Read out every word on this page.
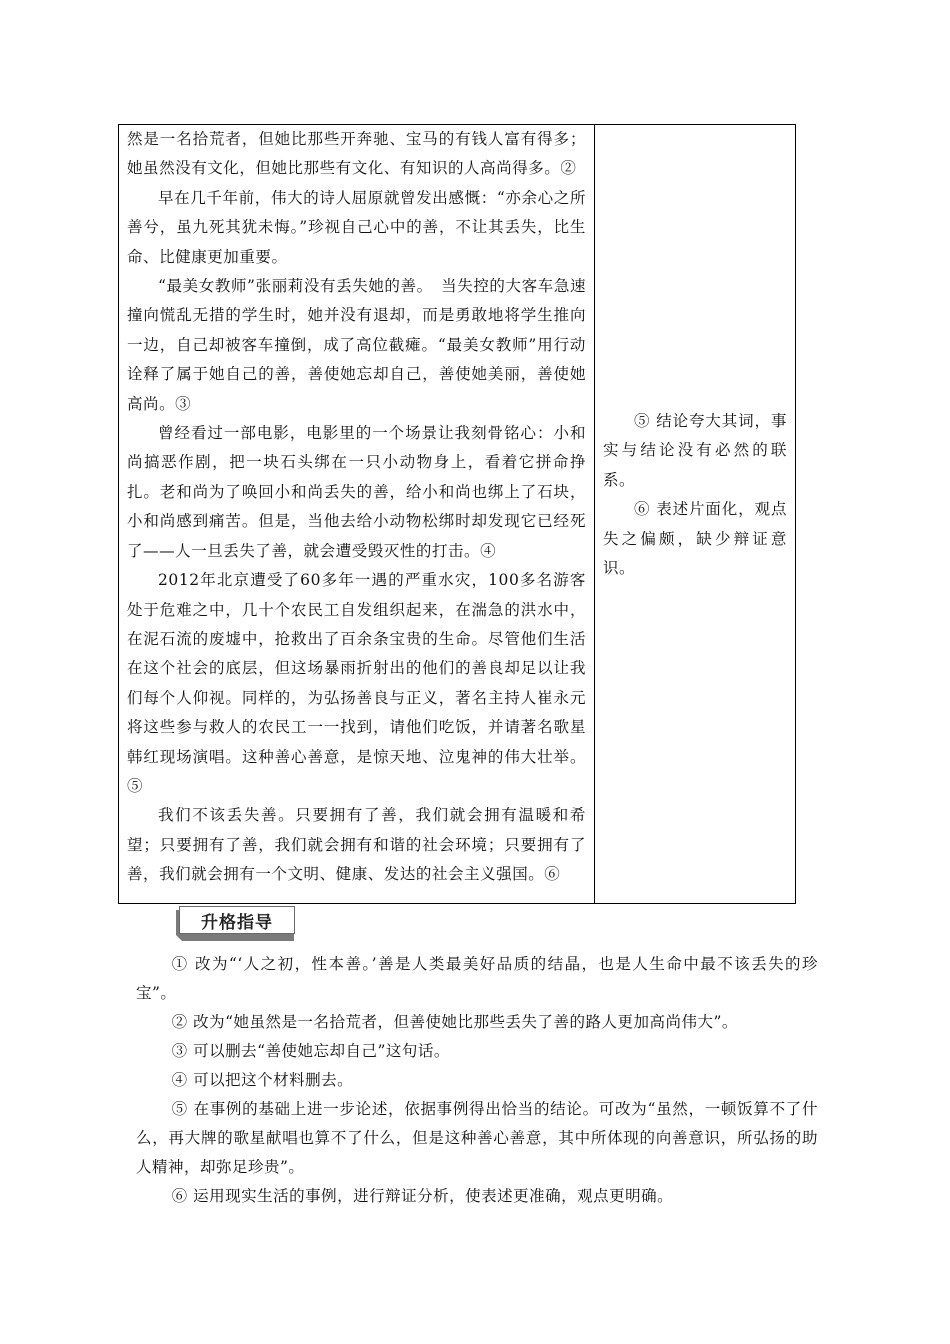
然是一名拾荒者，但她比那些开奔驰、宝马的有钱人富有得多；她虽然没有文化，但她比那些有文化、有知识的人高尚得多。②

早在几千年前，伟大的诗人屈原就曾发出感慨：“亦余心之所善兮，虽九死其犹未悔。”珍视自己心中的善，不让其丢失，比生命、比健康更加重要。

“最美女教师”张丽莉没有丢失她的善。　当失控的大客车急速撞向慌乱无措的学生时，她并没有退却，而是勇敢地将学生推向一边，自己却被客车撞倒，成了高位截瘫。“最美女教师”用行动诠释了属于她自己的善，善使她忘却自己，善使她美丽，善使她高尚。③

曾经看过一部电影，电影里的一个场景让我刻骨铭心：小和尚搞恶作剧，把一块石头绑在一只小动物身上，看着它拼命挣扎。老和尚为了唤回小和尚丢失的善，给小和尚也绑上了石块，小和尚感到痛苦。但是，当他去给小动物松绑时却发现它已经死了——人一旦丢失了善，就会遭受毁灭性的打击。④

2012年北京遭受了60多年一遇的严重水灾，100多名游客处于危难之中，几十个农民工自发组织起来，在湍急的洪水中，在泥石流的废墟中，抢救出了百余条宝贵的生命。尽管他们生活在这个社会的底层，但这场暴雨折射出的他们的善良却足以让我们每个人仰视。同样的，为弘扬善良与正义，著名主持人崔永元将这些参与救人的农民工一一找到，请他们吃饭，并请著名歌星韩红现场演唱。这种善心善意，是惊天地、泣鬼神的伟大壮举。⑤

我们不该丢失善。只要拥有了善，我们就会拥有温暖和希望；只要拥有了善，我们就会拥有和谐的社会环境；只要拥有了善，我们就会拥有一个文明、健康、发达的社会主义强国。⑥

⑤ 结论夸大其词，事实与结论没有必然的联系。

⑥ 表述片面化，观点失之偏颇，缺少辩证意识。

升格指导

① 改为“‘人之初，性本善。’善是人类最美好品质的结晶，也是人生命中最不该丢失的珍宝”。

② 改为“她虽然是一名拾荒者，但善使她比那些丢失了善的路人更加高尚伟大”。

③ 可以删去“善使她忘却自己”这句话。

④ 可以把这个材料删去。

⑤ 在事例的基础上进一步论述，依据事例得出恰当的结论。可改为“虽然，一顿饭算不了什么，再大牌的歌星献唱也算不了什么，但是这种善心善意，其中所体现的向善意识，所弘扬的助人精神，却弥足珍贵”。

⑥ 运用现实生活的事例，进行辩证分析，使表述更准确，观点更明确。
